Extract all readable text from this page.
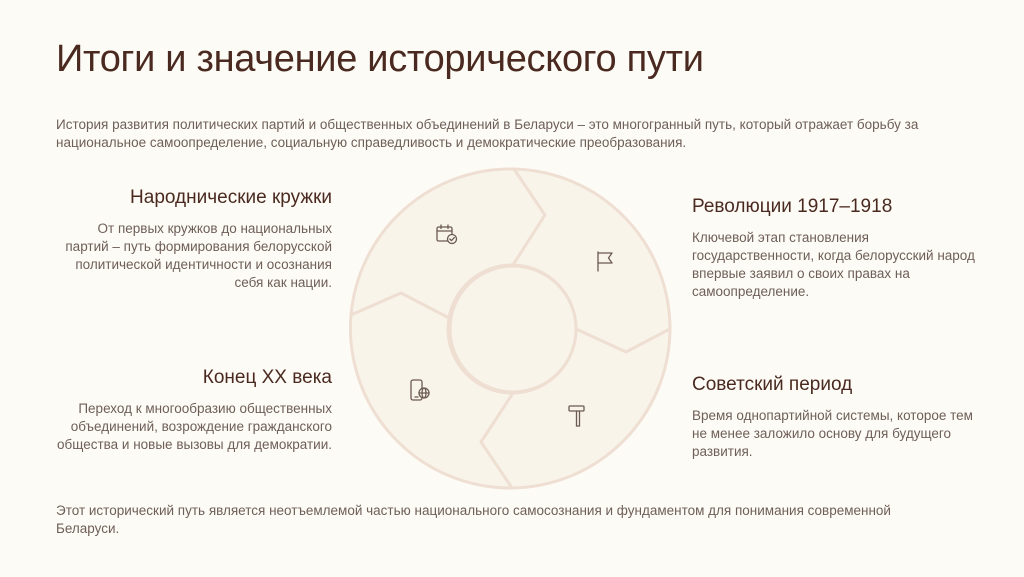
Итоги и значение исторического пути
История развития политических партий и общественных объединений в Беларуси – это многогранный путь, который отражает борьбу за национальное самоопределение, социальную справедливость и демократические преобразования.
Народнические кружки

От первых кружков до национальных партий – путь формирования белорусской политической идентичности и осознания себя как нации.

Конец XX века

Переход к многообразию общественных объединений, возрождение гражданского общества и новые вызовы для демократии.

Революции 1917–1918

Ключевой этап становления государственности, когда белорусский народ впервые заявил о своих правах на самоопределение.

Советский период

Время однопартийной системы, которое тем не менее заложило основу для будущего развития.

Этот исторический путь является неотъемлемой частью национального самосознания и фундаментом для понимания современной Беларуси.
